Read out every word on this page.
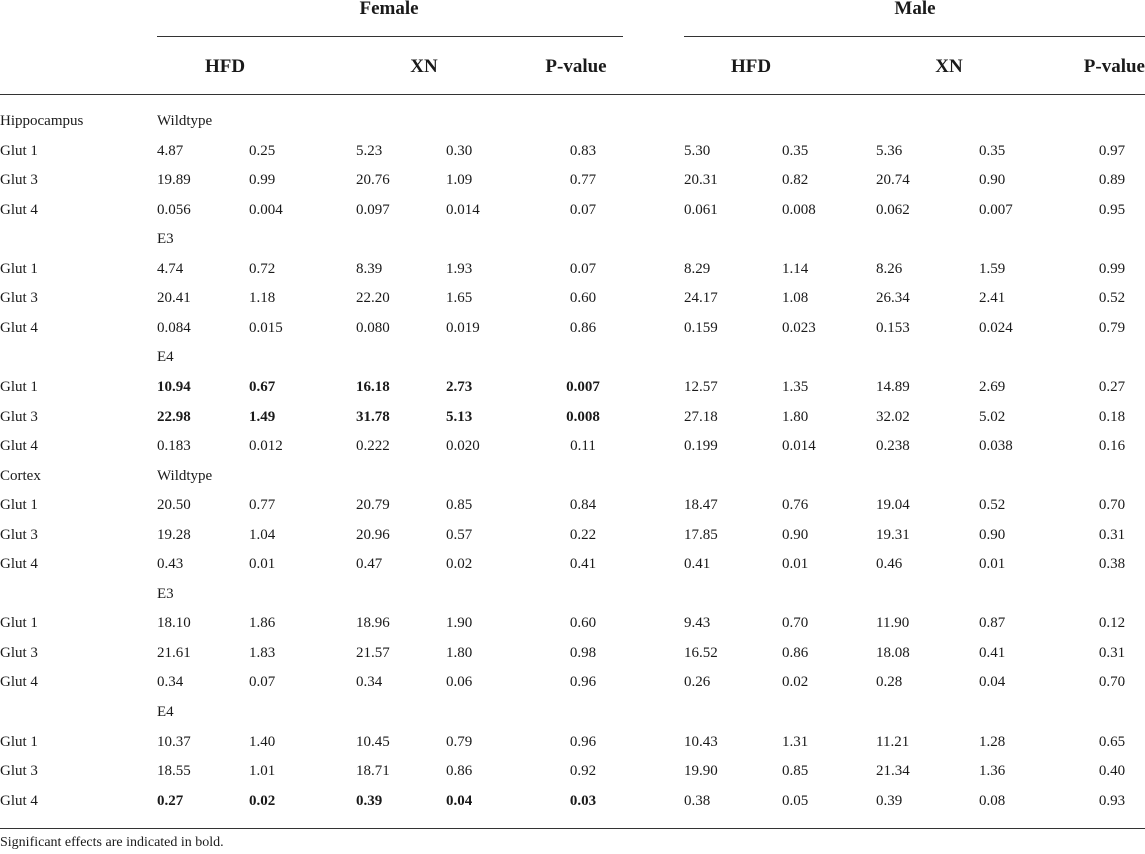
Female	Male
HFD	XN	P-value	HFD	XN	P-value
Hippocampus	Wildtype
Glut 1	4.87	0.25	5.23	0.30	0.83	5.30	0.35	5.36	0.35	0.97
Glut 3	19.89	0.99	20.76	1.09	0.77	20.31	0.82	20.74	0.90	0.89
Glut 4	0.056	0.004	0.097	0.014	0.07	0.061	0.008	0.062	0.007	0.95
E3
Glut 1	4.74	0.72	8.39	1.93	0.07	8.29	1.14	8.26	1.59	0.99
Glut 3	20.41	1.18	22.20	1.65	0.60	24.17	1.08	26.34	2.41	0.52
Glut 4	0.084	0.015	0.080	0.019	0.86	0.159	0.023	0.153	0.024	0.79
E4
Glut 1	10.94	0.67	16.18	2.73	0.007	12.57	1.35	14.89	2.69	0.27
Glut 3	22.98	1.49	31.78	5.13	0.008	27.18	1.80	32.02	5.02	0.18
Glut 4	0.183	0.012	0.222	0.020	0.11	0.199	0.014	0.238	0.038	0.16
Cortex	Wildtype
Glut 1	20.50	0.77	20.79	0.85	0.84	18.47	0.76	19.04	0.52	0.70
Glut 3	19.28	1.04	20.96	0.57	0.22	17.85	0.90	19.31	0.90	0.31
Glut 4	0.43	0.01	0.47	0.02	0.41	0.41	0.01	0.46	0.01	0.38
E3
Glut 1	18.10	1.86	18.96	1.90	0.60	9.43	0.70	11.90	0.87	0.12
Glut 3	21.61	1.83	21.57	1.80	0.98	16.52	0.86	18.08	0.41	0.31
Glut 4	0.34	0.07	0.34	0.06	0.96	0.26	0.02	0.28	0.04	0.70
E4
Glut 1	10.37	1.40	10.45	0.79	0.96	10.43	1.31	11.21	1.28	0.65
Glut 3	18.55	1.01	18.71	0.86	0.92	19.90	0.85	21.34	1.36	0.40
Glut 4	0.27	0.02	0.39	0.04	0.03	0.38	0.05	0.39	0.08	0.93
Significant effects are indicated in bold.
